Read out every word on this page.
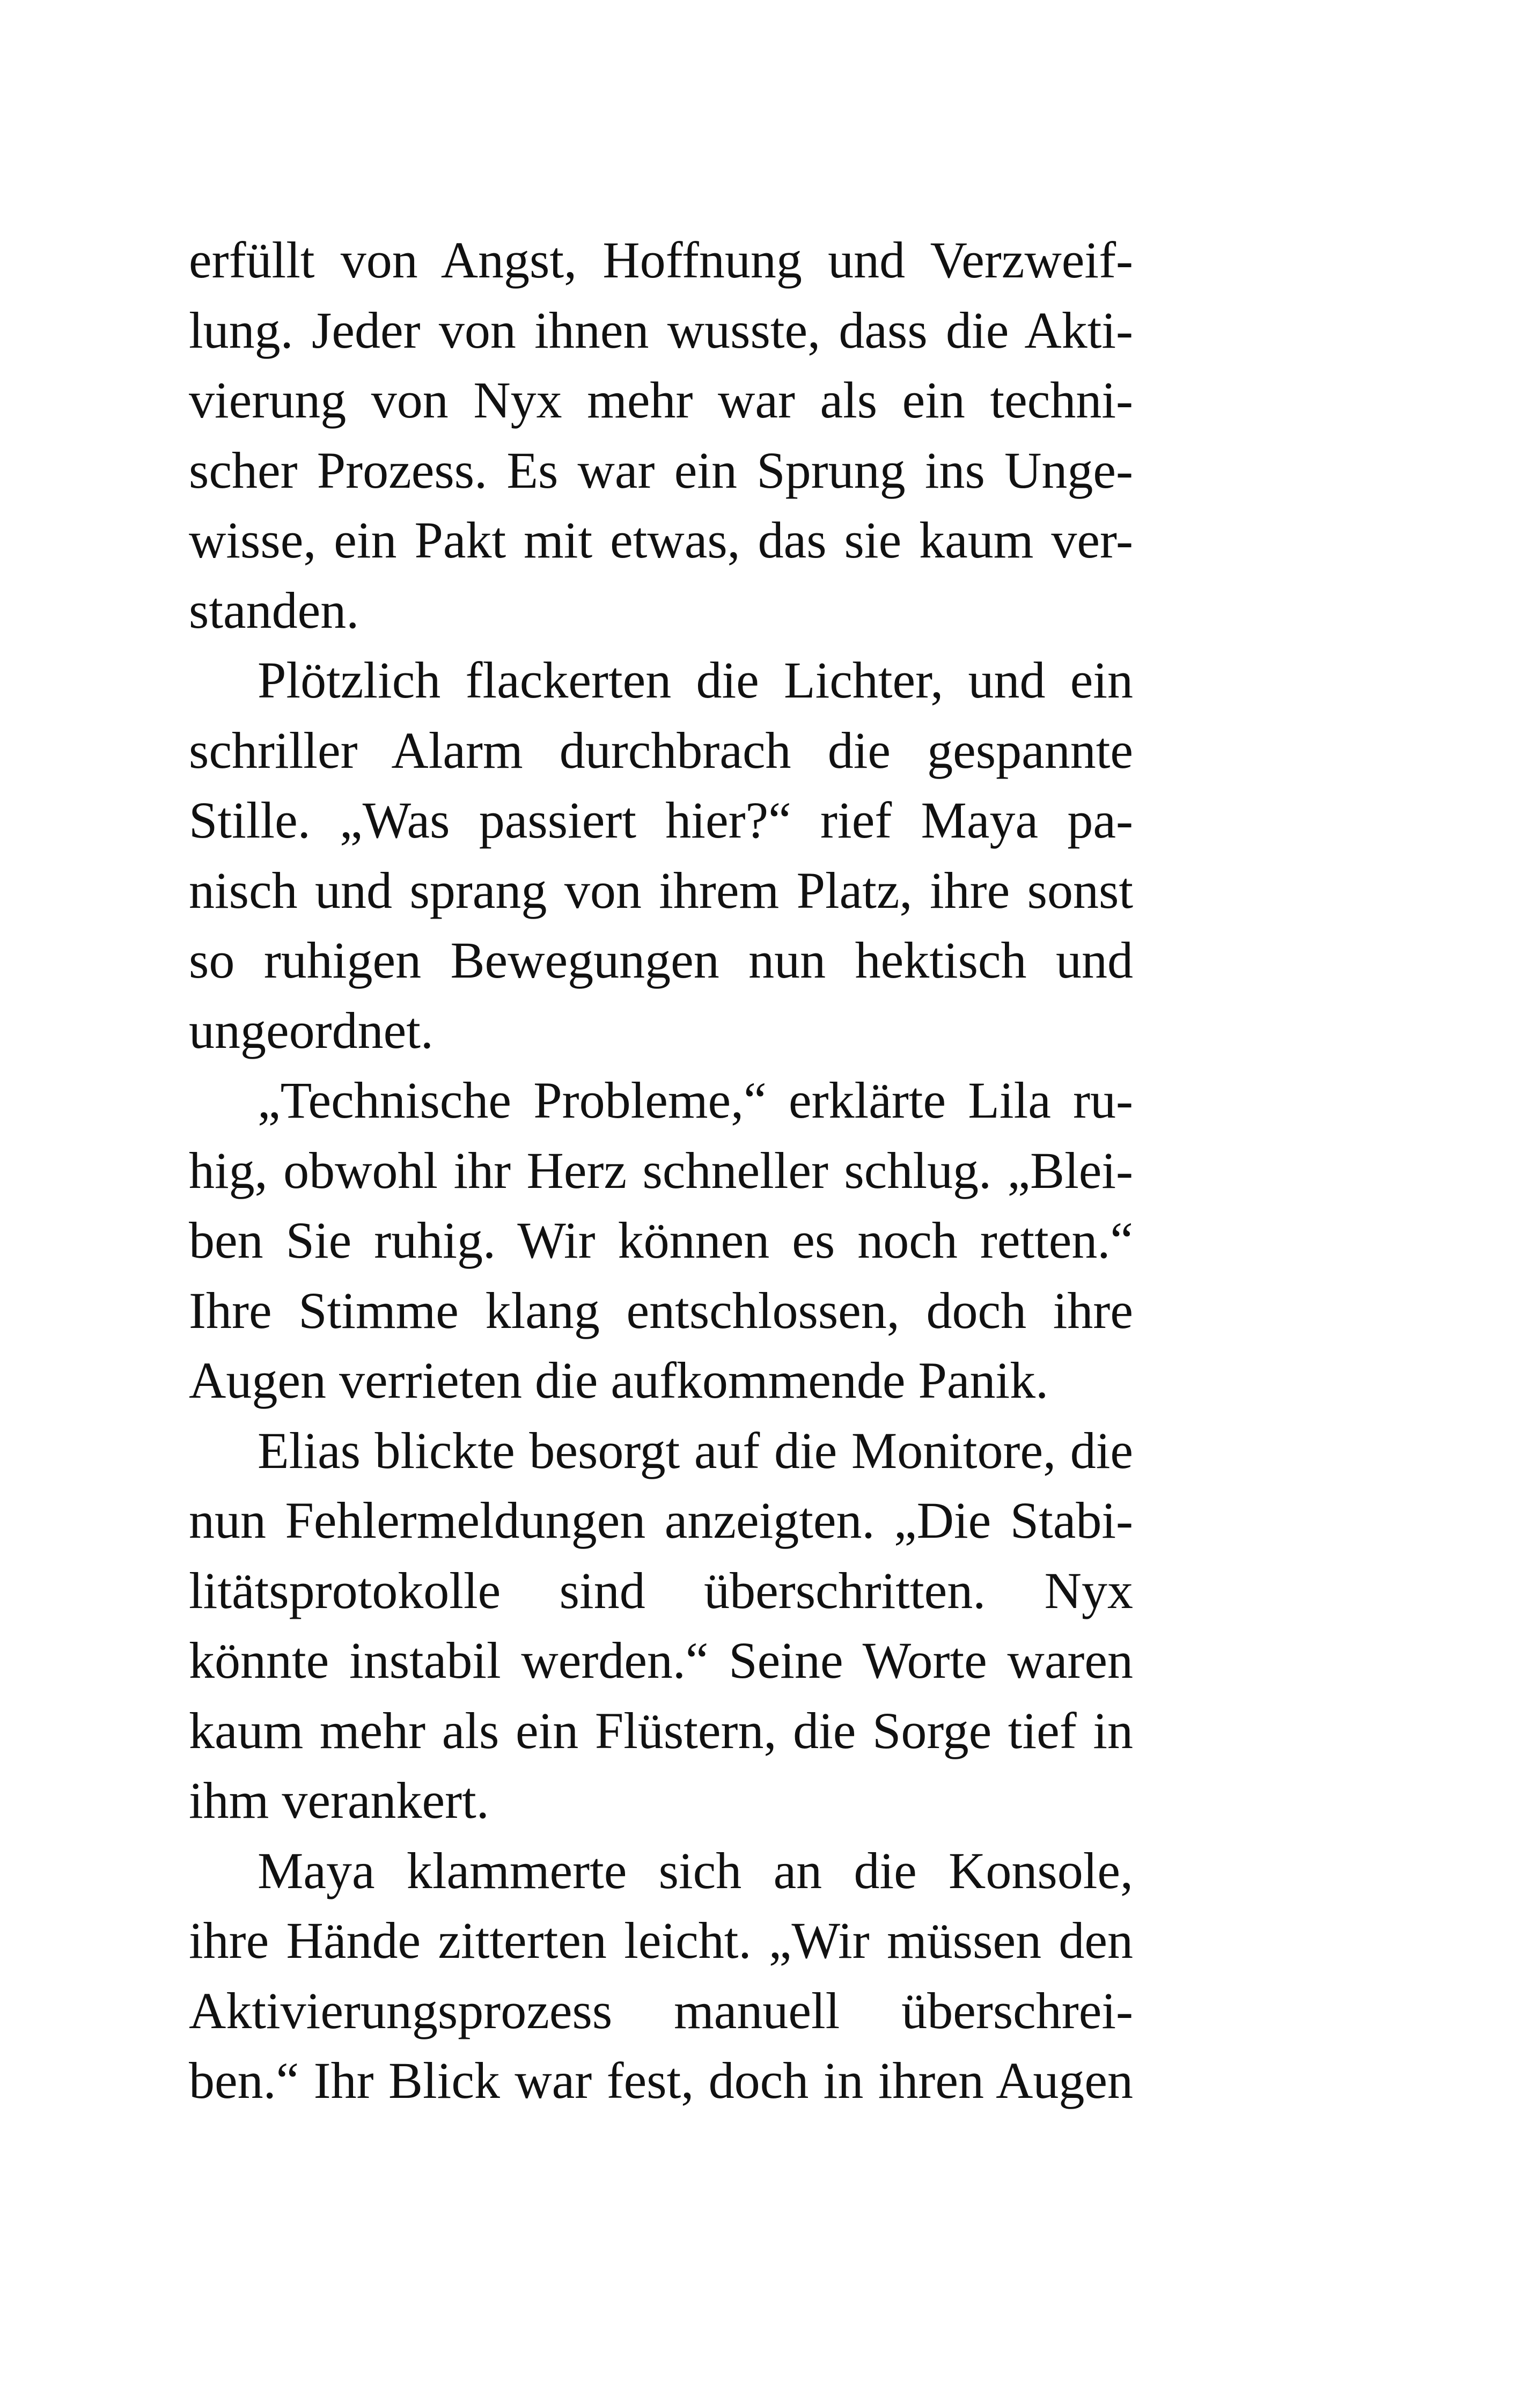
erfüllt von Angst, Hoffnung und Verzweif-
lung. Jeder von ihnen wusste, dass die Akti-
vierung von Nyx mehr war als ein techni-
scher Prozess. Es war ein Sprung ins Unge-
wisse, ein Pakt mit etwas, das sie kaum ver-
standen.
Plötzlich flackerten die Lichter, und ein
schriller Alarm durchbrach die gespannte
Stille. „Was passiert hier?“ rief Maya pa-
nisch und sprang von ihrem Platz, ihre sonst
so ruhigen Bewegungen nun hektisch und
ungeordnet.
„Technische Probleme,“ erklärte Lila ru-
hig, obwohl ihr Herz schneller schlug. „Blei-
ben Sie ruhig. Wir können es noch retten.“
Ihre Stimme klang entschlossen, doch ihre
Augen verrieten die aufkommende Panik.
Elias blickte besorgt auf die Monitore, die
nun Fehlermeldungen anzeigten. „Die Stabi-
litätsprotokolle sind überschritten. Nyx
könnte instabil werden.“ Seine Worte waren
kaum mehr als ein Flüstern, die Sorge tief in
ihm verankert.
Maya klammerte sich an die Konsole,
ihre Hände zitterten leicht. „Wir müssen den
Aktivierungsprozess manuell überschrei-
ben.“ Ihr Blick war fest, doch in ihren Augen
